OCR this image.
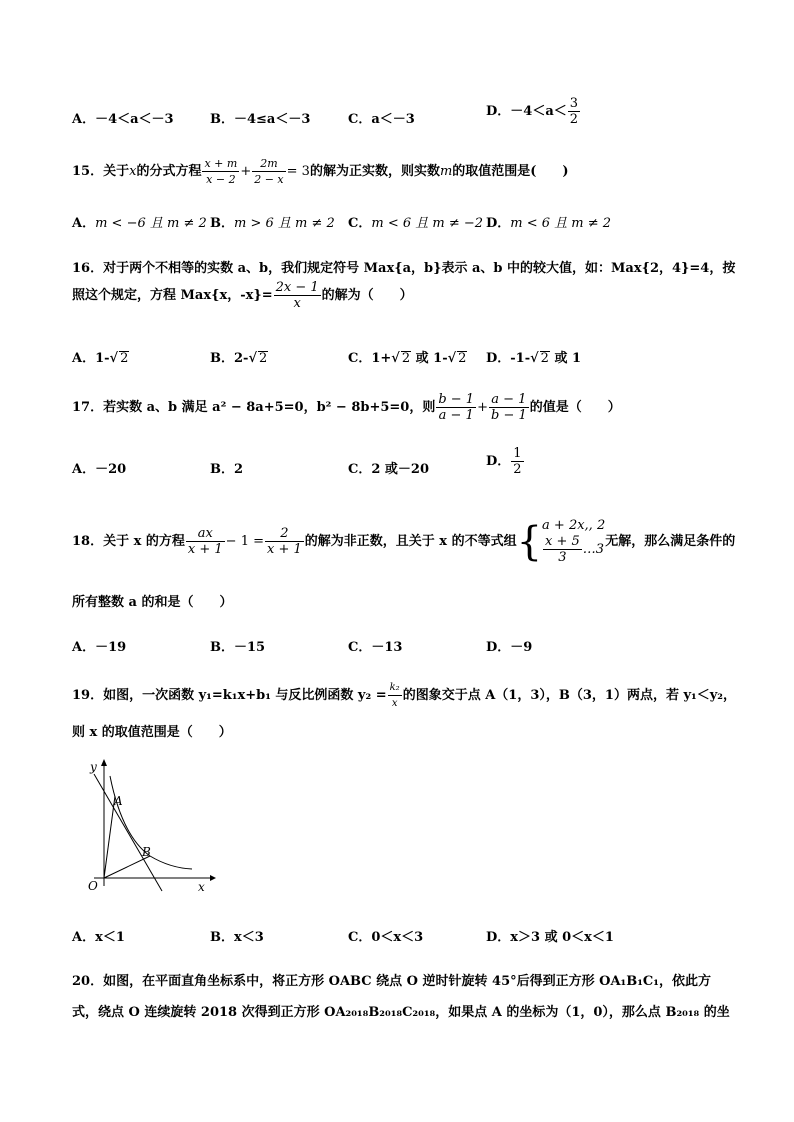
A．－4＜a＜－3	B．－4≤a＜－3	C．a＜－3
D．$-4<a< \frac{3}{2}$
15．关于x的分式方程 $\frac{x + m}{x - 2} + \frac{2m}{2 - x} = 3$的解为正实数，则实数m的取值范围是(　　)
A．m < −6 且 m ≠ 2 B．m > 6 且 m ≠ 2 C．m < 6 且 m ≠ −2 D．m < 6 且 m ≠ 2
16．对于两个不相等的实数 a、b，我们规定符号 Max{a，b}表示 a、b 中的较大值，如：Max{2，4}=4，按
照这个规定，方程 Max{x，$-x\}= \frac{2x - 1}{x}$ 的解为（　　）
A．1-√ 2	B．2-√ 2	C．1+√ 2 或 1-√ 2 D．-1-√ 2 或 1
17．若实数 a、b 满足 a² − 8a+5=0，b² − 8b+5=0，则 $\frac{b - 1}{a - 1} + \frac{a - 1}{b - 1}$ 的值是（　　）
A．－20	B．2	C．2 或－20
D． $\frac{1}{2}$
18．关于 x 的方程 $\frac{ax}{x + 1} - 1 = \frac{2}{x + 1}$ 的解为非正数，且关于 x 的不等式组{ a + 2x,, 2
$\frac{x + 5}{3}$ …3
无解，那么满足条件的
所有整数 a 的和是（　　）
A．－19	B．－15	C．－13	D．－9
19．如图，一次函数 y₁=k₁x+b₁ 与反比例函数 $y_2 = \frac{\text{k₂}}{x}$ 的图象交于点 A（1，3），B（3，1）两点，若 y₁＜y₂，
则 x 的取值范围是（　　）
y
x
O
A
B
A．x＜1	B．x＜3	C．0＜x＜3	D．x＞3 或 0＜x＜1
20．如图，在平面直角坐标系中，将正方形 OABC 绕点 O 逆时针旋转 45°后得到正方形 OA₁B₁C₁，依此方
式，绕点 O 连续旋转 2018 次得到正方形 OA₂₀₁₈B₂₀₁₈C₂₀₁₈，如果点 A 的坐标为（1，0），那么点 B₂₀₁₈ 的坐
